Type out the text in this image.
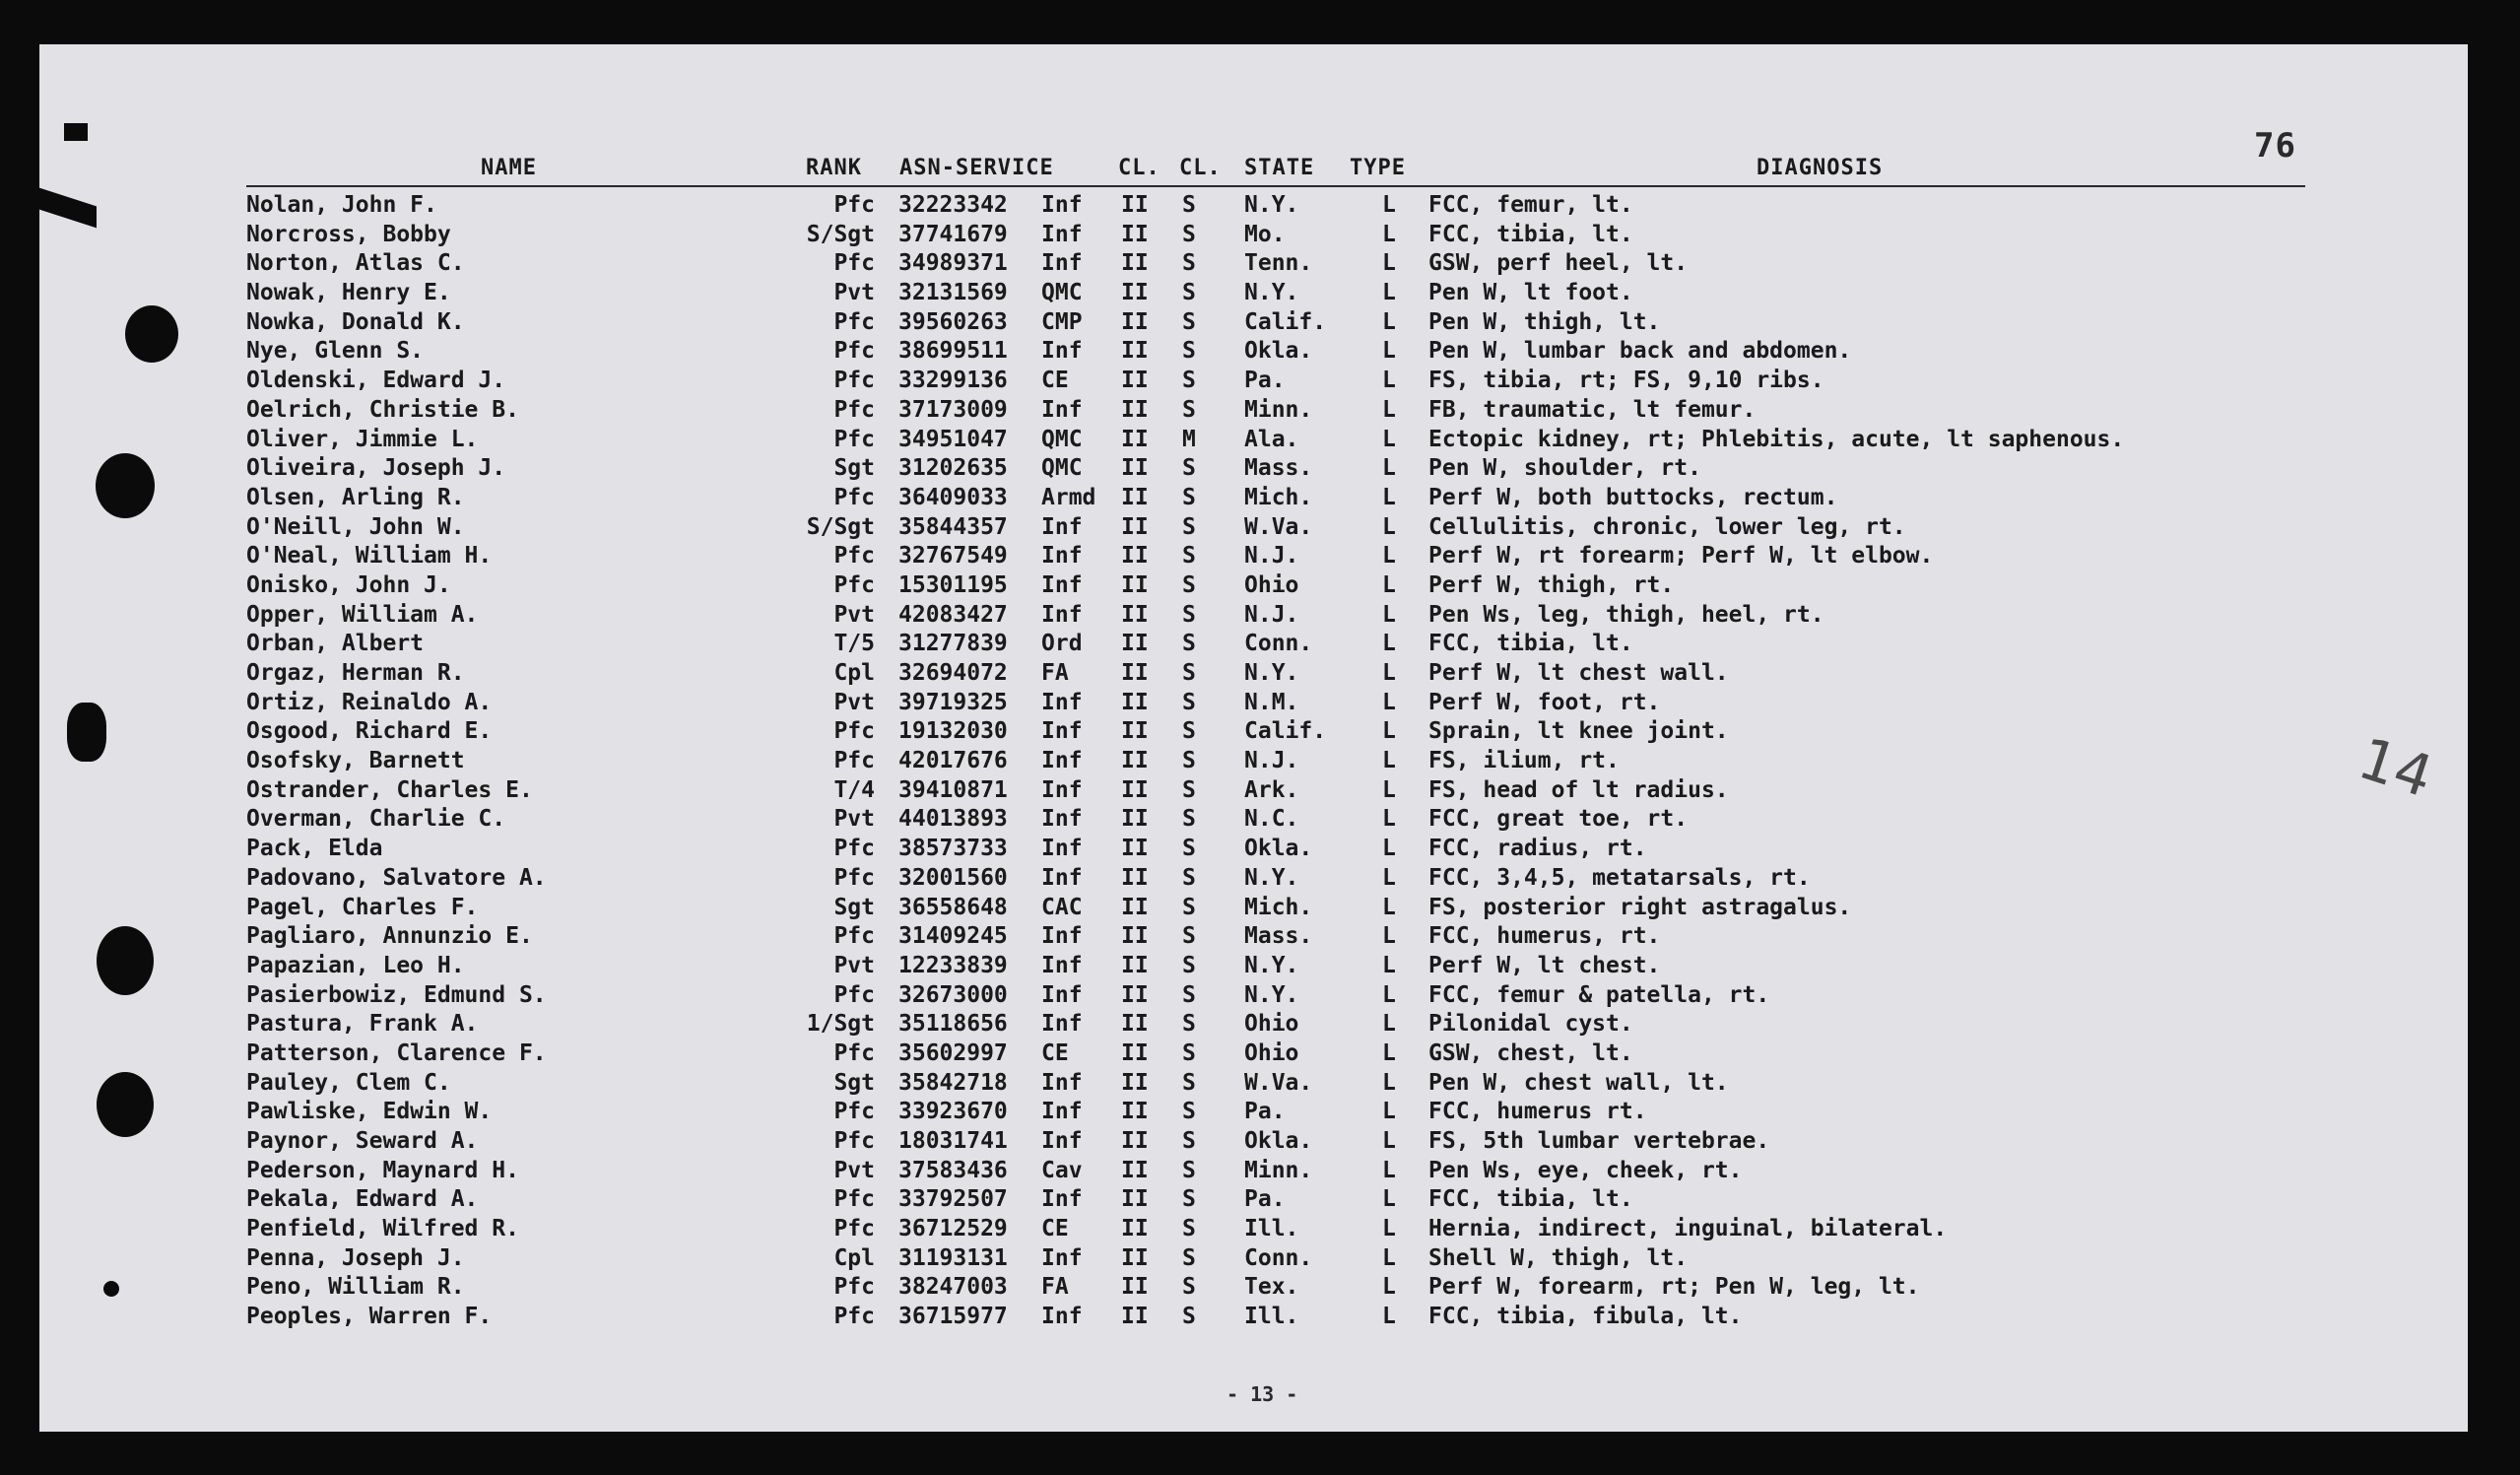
76
14
NAME	RANK ASN-SERVICE	CL. CL. STATE TYPE	DIAGNOSIS
Nolan, John F.	Pfc 32223342 Inf II S N.Y.	L FCC, femur, lt.
Norcross, Bobby	S/Sgt 37741679 Inf II S Mo.	L FCC, tibia, lt.
Norton, Atlas C.	Pfc 34989371 Inf II S Tenn.	L GSW, perf heel, lt.
Nowak, Henry E.	Pvt 32131569 QMC II S N.Y.	L Pen W, lt foot.
Nowka, Donald K.	Pfc 39560263 CMP II S Calif. L Pen W, thigh, lt.
Nye, Glenn S.	Pfc 38699511 Inf II S Okla.	L Pen W, lumbar back and abdomen.
Oldenski, Edward J.	Pfc 33299136 CE II S Pa.	L FS, tibia, rt; FS, 9,10 ribs.
Oelrich, Christie B.	Pfc 37173009 Inf II S Minn.	L FB, traumatic, lt femur.
Oliver, Jimmie L.	Pfc 34951047 QMC II M Ala.	L Ectopic kidney, rt; Phlebitis, acute, lt saphenous.
Oliveira, Joseph J.	Sgt 31202635 QMC II S Mass.	L Pen W, shoulder, rt.
Olsen, Arling R.	Pfc 36409033 Armd II S Mich.	L Perf W, both buttocks, rectum.
O'Neill, John W.	S/Sgt 35844357 Inf II S W.Va.	L Cellulitis, chronic, lower leg, rt.
O'Neal, William H.	Pfc 32767549 Inf II S N.J.	L Perf W, rt forearm; Perf W, lt elbow.
Onisko, John J.	Pfc 15301195 Inf II S Ohio	L Perf W, thigh, rt.
Opper, William A.	Pvt 42083427 Inf II S N.J.	L Pen Ws, leg, thigh, heel, rt.
Orban, Albert	T/5 31277839 Ord II S Conn.	L FCC, tibia, lt.
Orgaz, Herman R.	Cpl 32694072 FA II S N.Y.	L Perf W, lt chest wall.
Ortiz, Reinaldo A.	Pvt 39719325 Inf II S N.M.	L Perf W, foot, rt.
Osgood, Richard E.	Pfc 19132030 Inf II S Calif. L Sprain, lt knee joint.
Osofsky, Barnett	Pfc 42017676 Inf II S N.J.	L FS, ilium, rt.
Ostrander, Charles E.	T/4 39410871 Inf II S Ark.	L FS, head of lt radius.
Overman, Charlie C.	Pvt 44013893 Inf II S N.C.	L FCC, great toe, rt.
Pack, Elda	Pfc 38573733 Inf II S Okla.	L FCC, radius, rt.
Padovano, Salvatore A.	Pfc 32001560 Inf II S N.Y.	L FCC, 3,4,5, metatarsals, rt.
Pagel, Charles F.	Sgt 36558648 CAC II S Mich.	L FS, posterior right astragalus.
Pagliaro, Annunzio E.	Pfc 31409245 Inf II S Mass.	L FCC, humerus, rt.
Papazian, Leo H.	Pvt 12233839 Inf II S N.Y.	L Perf W, lt chest.
Pasierbowiz, Edmund S.	Pfc 32673000 Inf II S N.Y.	L FCC, femur & patella, rt.
Pastura, Frank A.	1/Sgt 35118656 Inf II S Ohio	L Pilonidal cyst.
Patterson, Clarence F.	Pfc 35602997 CE II S Ohio	L GSW, chest, lt.
Pauley, Clem C.	Sgt 35842718 Inf II S W.Va.	L Pen W, chest wall, lt.
Pawliske, Edwin W.	Pfc 33923670 Inf II S Pa.	L FCC, humerus rt.
Paynor, Seward A.	Pfc 18031741 Inf II S Okla.	L FS, 5th lumbar vertebrae.
Pederson, Maynard H.	Pvt 37583436 Cav II S Minn.	L Pen Ws, eye, cheek, rt.
Pekala, Edward A.	Pfc 33792507 Inf II S Pa.	L FCC, tibia, lt.
Penfield, Wilfred R.	Pfc 36712529 CE II S Ill.	L Hernia, indirect, inguinal, bilateral.
Penna, Joseph J.	Cpl 31193131 Inf II S Conn.	L Shell W, thigh, lt.
Peno, William R.	Pfc 38247003 FA II S Tex.	L Perf W, forearm, rt; Pen W, leg, lt.
Peoples, Warren F.	Pfc 36715977 Inf II S Ill.	L FCC, tibia, fibula, lt.
- 13 -
